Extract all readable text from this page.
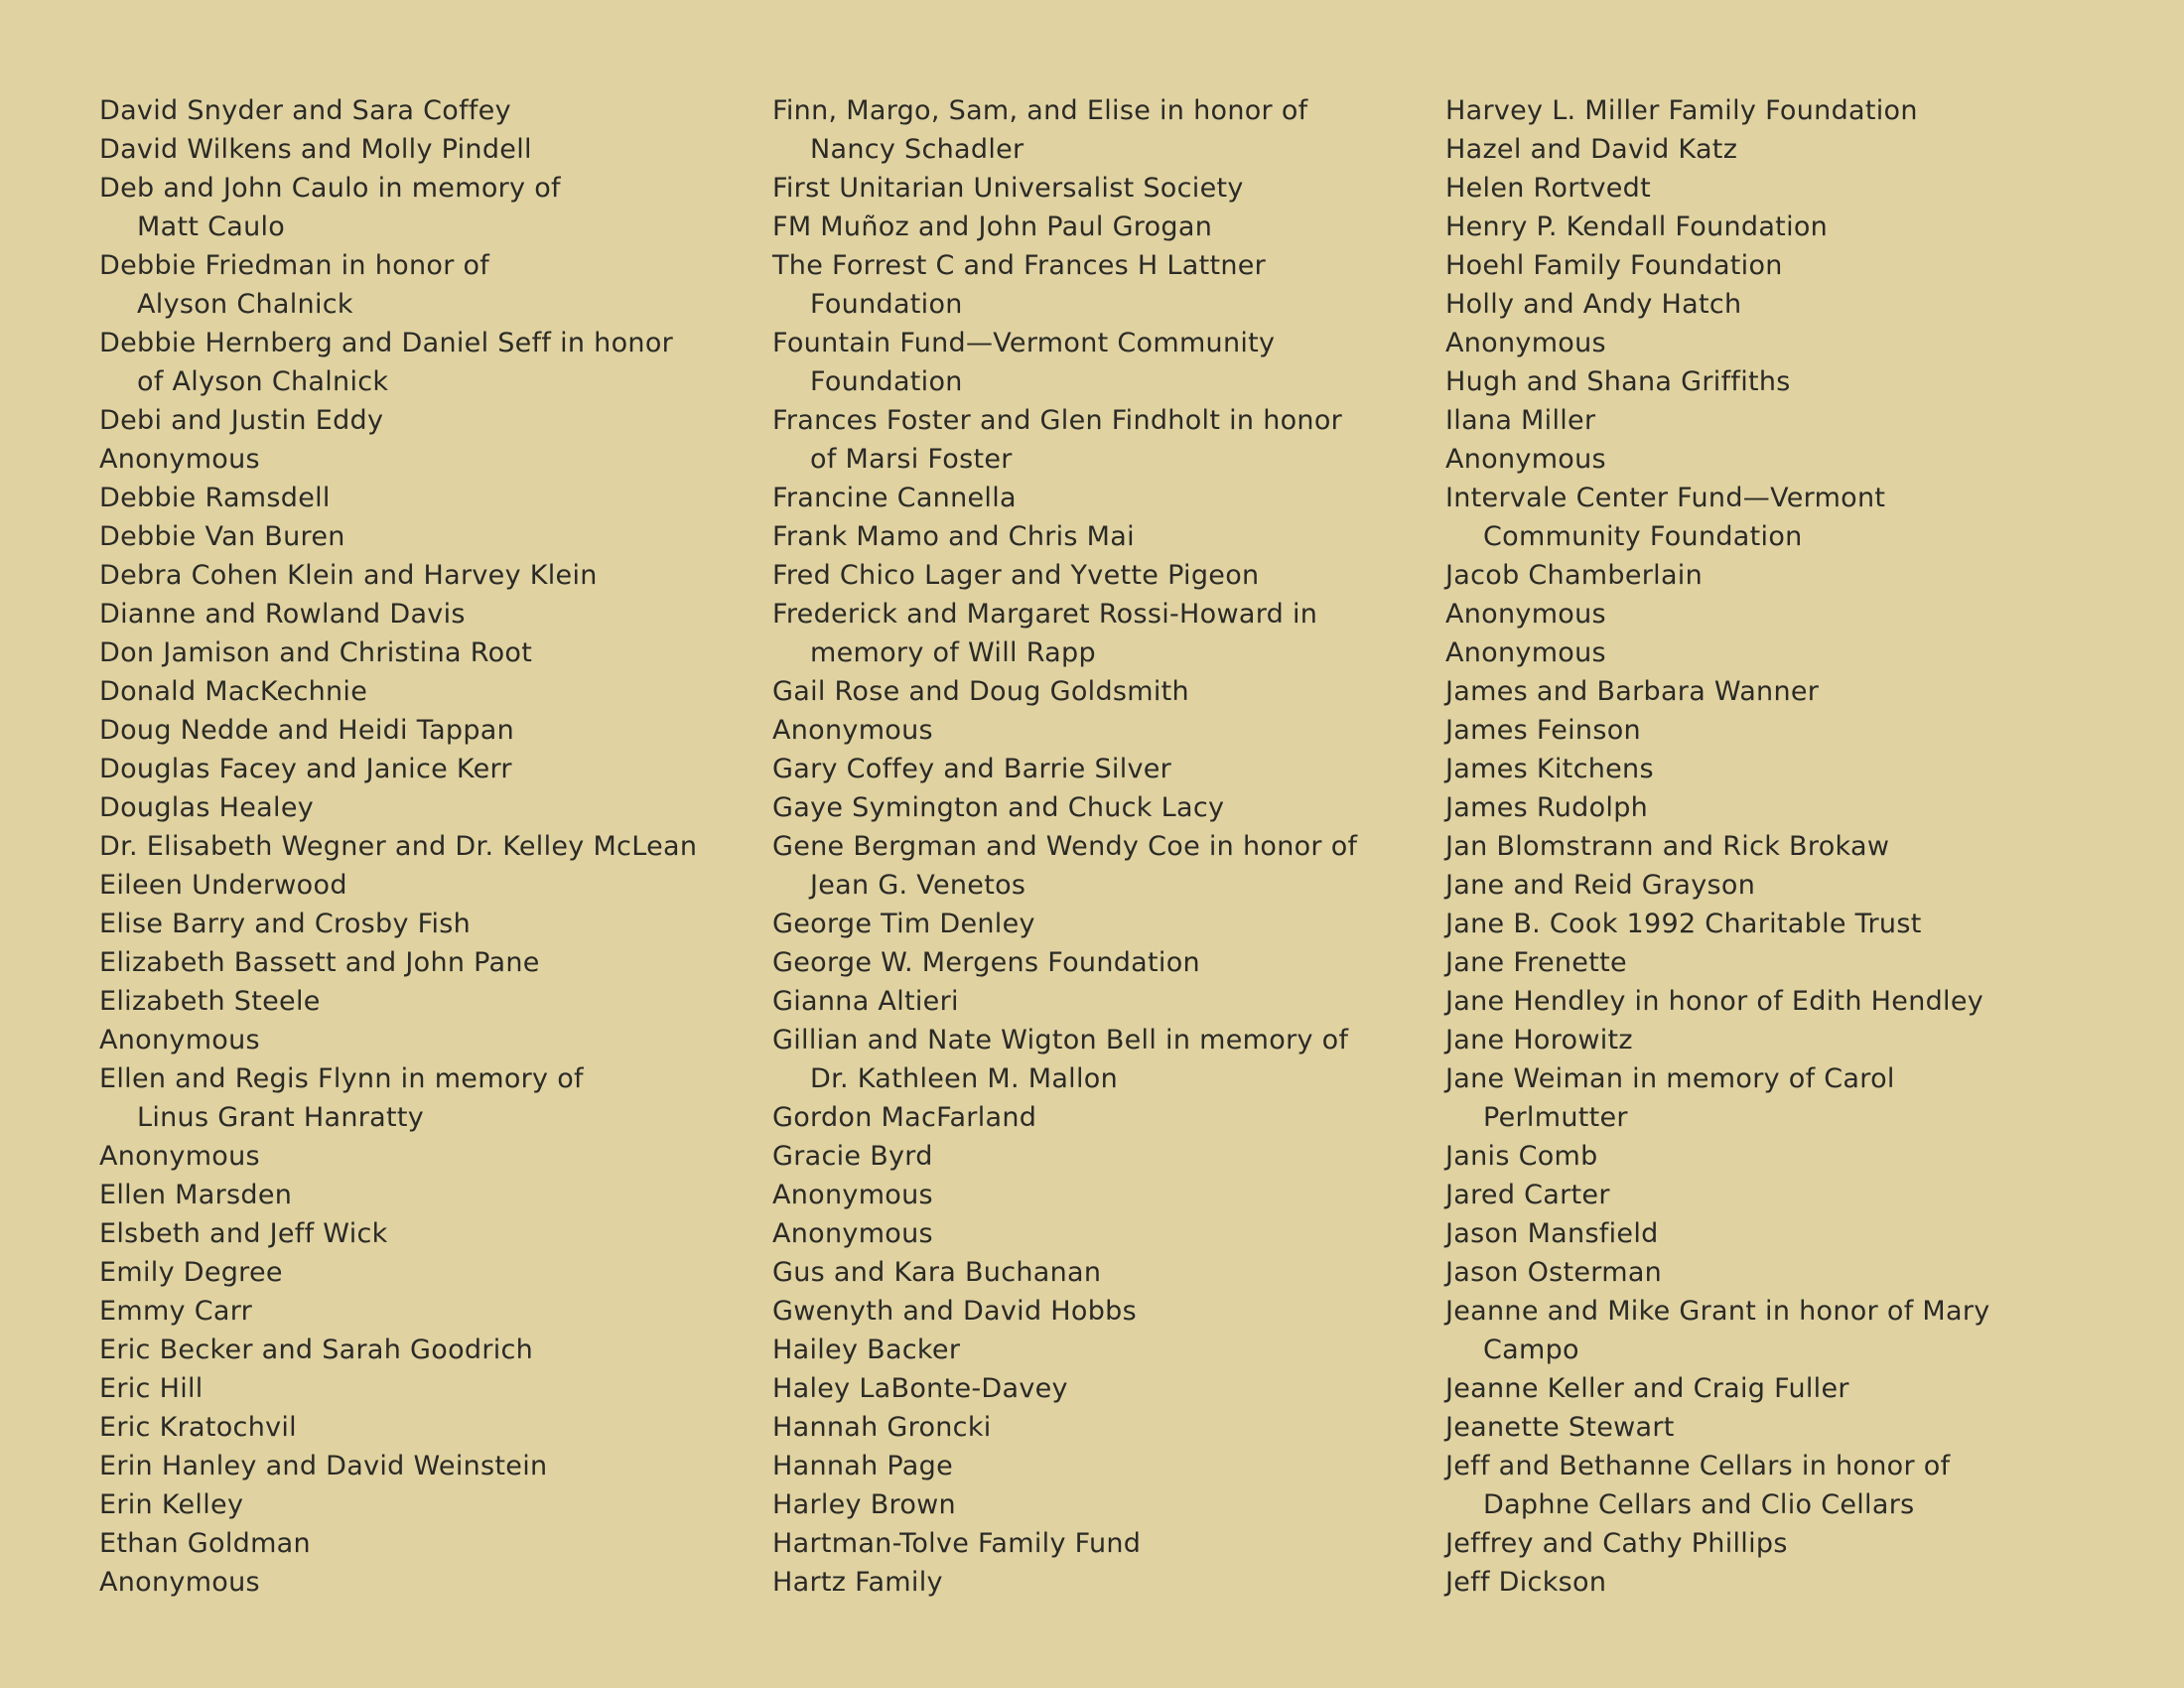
David Snyder and Sara Coffey
David Wilkens and Molly Pindell
Deb and John Caulo in memory of
Matt Caulo
Debbie Friedman in honor of
Alyson Chalnick
Debbie Hernberg and Daniel Seff in honor
of Alyson Chalnick
Debi and Justin Eddy
Anonymous
Debbie Ramsdell
Debbie Van Buren
Debra Cohen Klein and Harvey Klein
Dianne and Rowland Davis
Don Jamison and Christina Root
Donald MacKechnie
Doug Nedde and Heidi Tappan
Douglas Facey and Janice Kerr
Douglas Healey
Dr. Elisabeth Wegner and Dr. Kelley McLean
Eileen Underwood
Elise Barry and Crosby Fish
Elizabeth Bassett and John Pane
Elizabeth Steele
Anonymous
Ellen and Regis Flynn in memory of
Linus Grant Hanratty
Anonymous
Ellen Marsden
Elsbeth and Jeff Wick
Emily Degree
Emmy Carr
Eric Becker and Sarah Goodrich
Eric Hill
Eric Kratochvil
Erin Hanley and David Weinstein
Erin Kelley
Ethan Goldman
Anonymous
Finn, Margo, Sam, and Elise in honor of
Nancy Schadler
First Unitarian Universalist Society
FM Muñoz and John Paul Grogan
The Forrest C and Frances H Lattner
Foundation
Fountain Fund—Vermont Community
Foundation
Frances Foster and Glen Findholt in honor
of Marsi Foster
Francine Cannella
Frank Mamo and Chris Mai
Fred Chico Lager and Yvette Pigeon
Frederick and Margaret Rossi-Howard in
memory of Will Rapp
Gail Rose and Doug Goldsmith
Anonymous
Gary Coffey and Barrie Silver
Gaye Symington and Chuck Lacy
Gene Bergman and Wendy Coe in honor of
Jean G. Venetos
George Tim Denley
George W. Mergens Foundation
Gianna Altieri
Gillian and Nate Wigton Bell in memory of
Dr. Kathleen M. Mallon
Gordon MacFarland
Gracie Byrd
Anonymous
Anonymous
Gus and Kara Buchanan
Gwenyth and David Hobbs
Hailey Backer
Haley LaBonte-Davey
Hannah Groncki
Hannah Page
Harley Brown
Hartman-Tolve Family Fund
Hartz Family
Harvey L. Miller Family Foundation
Hazel and David Katz
Helen Rortvedt
Henry P. Kendall Foundation
Hoehl Family Foundation
Holly and Andy Hatch
Anonymous
Hugh and Shana Griffiths
Ilana Miller
Anonymous
Intervale Center Fund—Vermont
Community Foundation
Jacob Chamberlain
Anonymous
Anonymous
James and Barbara Wanner
James Feinson
James Kitchens
James Rudolph
Jan Blomstrann and Rick Brokaw
Jane and Reid Grayson
Jane B. Cook 1992 Charitable Trust
Jane Frenette
Jane Hendley in honor of Edith Hendley
Jane Horowitz
Jane Weiman in memory of Carol
Perlmutter
Janis Comb
Jared Carter
Jason Mansfield
Jason Osterman
Jeanne and Mike Grant in honor of Mary
Campo
Jeanne Keller and Craig Fuller
Jeanette Stewart
Jeff and Bethanne Cellars in honor of
Daphne Cellars and Clio Cellars
Jeffrey and Cathy Phillips
Jeff Dickson
